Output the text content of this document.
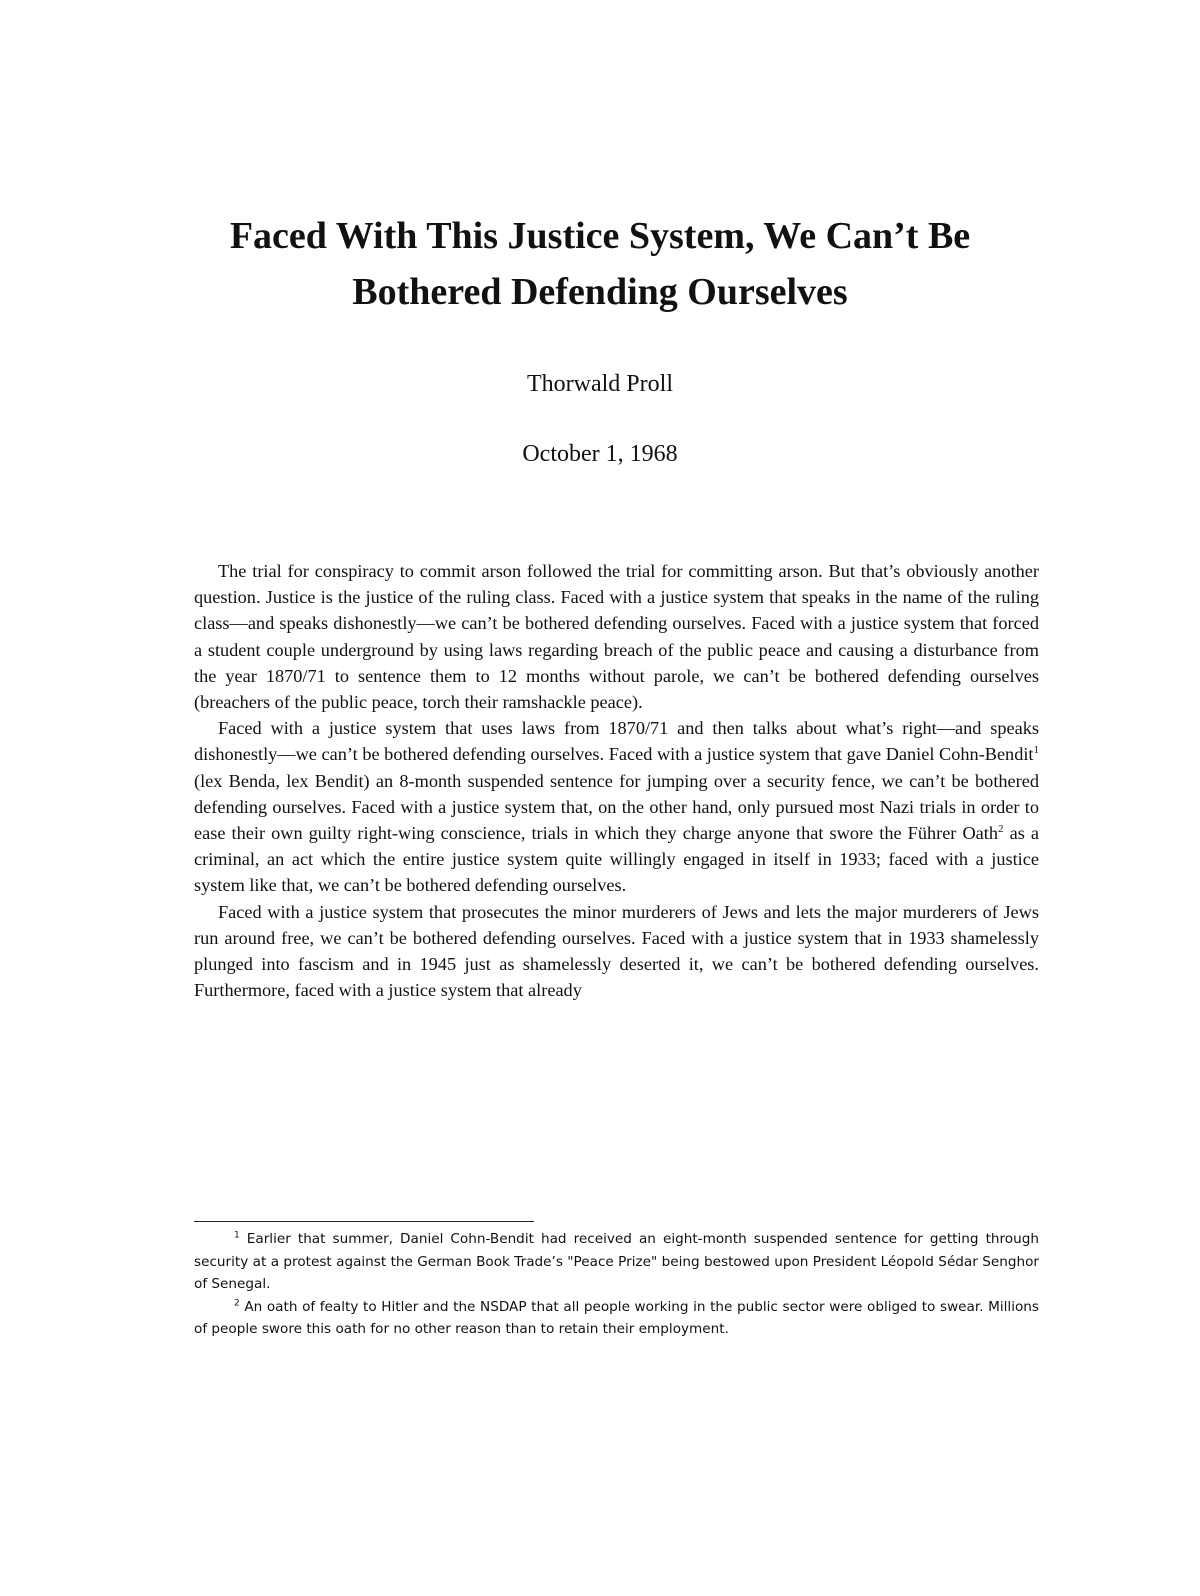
Faced With This Justice System, We Can’t Be
Bothered Defending Ourselves
Thorwald Proll
October 1, 1968

The trial for conspiracy to commit arson followed the trial for committing arson. But that’s obviously another question. Justice is the justice of the ruling class. Faced with a justice system that speaks in the name of the ruling class—and speaks dishonestly—we can’t be bothered defending ourselves. Faced with a justice system that forced a student couple underground by using laws regarding breach of the public peace and causing a disturbance from the year 1870/71 to sentence them to 12 months without parole, we can’t be bothered defending ourselves (breachers of the public peace, torch their ramshackle peace).

Faced with a justice system that uses laws from 1870/71 and then talks about what’s right—and speaks dishonestly—we can’t be bothered defending ourselves. Faced with a justice system that gave Daniel Cohn-Bendit$^1$ (lex Benda, lex Bendit) an 8-month suspended sentence for jumping over a security fence, we can’t be bothered defending ourselves. Faced with a justice system that, on the other hand, only pursued most Nazi trials in order to ease their own guilty right-wing conscience, trials in which they charge anyone that swore the Führer Oath$^2$ as a criminal, an act which the entire justice system quite willingly engaged in itself in 1933; faced with a justice system like that, we can’t be bothered defending ourselves.

Faced with a justice system that prosecutes the minor murderers of Jews and lets the major murderers of Jews run around free, we can’t be bothered defending ourselves. Faced with a justice system that in 1933 shamelessly plunged into fascism and in 1945 just as shamelessly deserted it, we can’t be bothered defending ourselves. Furthermore, faced with a justice system that already

$^1$ Earlier that summer, Daniel Cohn-Bendit had received an eight-month suspended sentence for getting through security at a protest against the German Book Trade’s "Peace Prize" being bestowed upon President Léopold Sédar Senghor of Senegal.

$^2$ An oath of fealty to Hitler and the NSDAP that all people working in the public sector were obliged to swear. Millions of people swore this oath for no other reason than to retain their employment.
